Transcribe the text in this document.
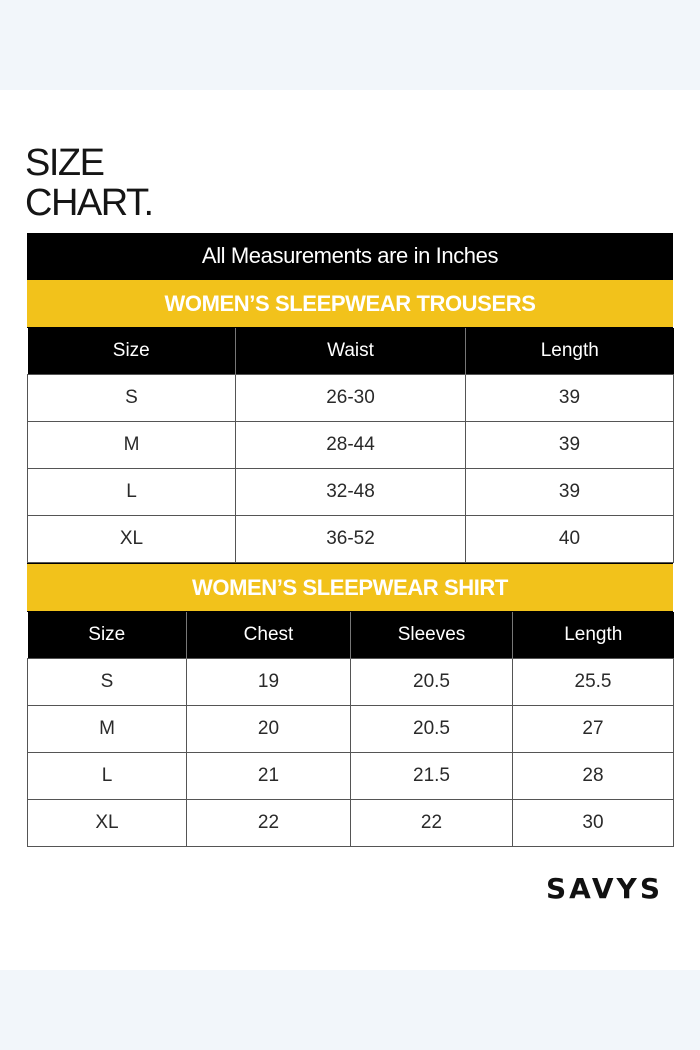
SIZE
CHART.
All Measurements are in Inches
WOMEN’S SLEEPWEAR TROUSERS
Size	Waist	Length
S	26-30	39
M	28-44	39
L	32-48	39
XL	36-52	40
WOMEN’S SLEEPWEAR SHIRT
Size	Chest	Sleeves	Length
S	19	20.5	25.5
M	20	20.5	27
L	21	21.5	28
XL	22	22	30
SAVYS
